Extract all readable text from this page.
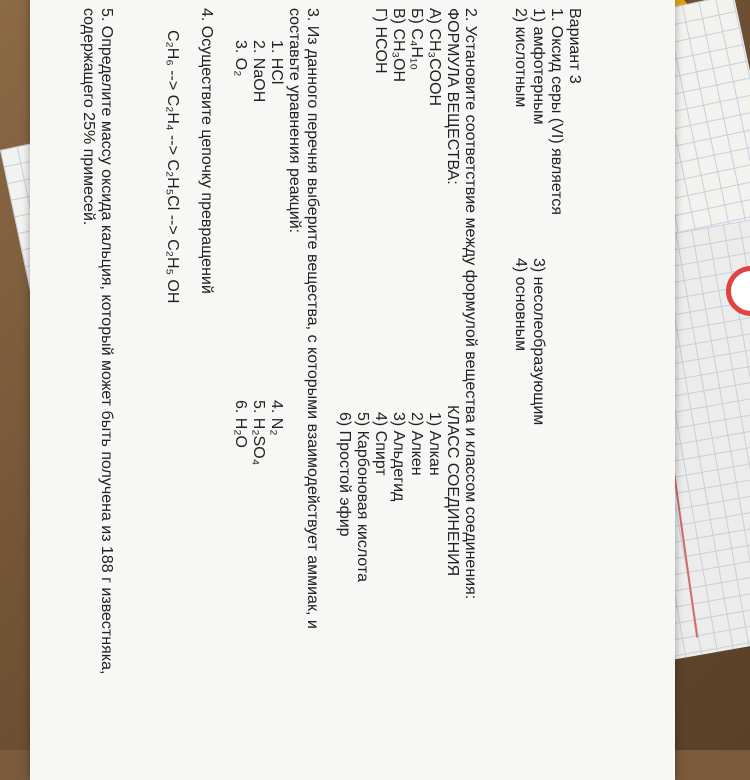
Вариант 3
1. Оксид серы (VI) является
1) амфотерным
3) несолеобразующим
2) кислотным
4) основным
2. Установите соответствие между формулой вещества и классом соединения:
ФОРМУЛА ВЕЩЕСТВА:
КЛАСС СОЕДИНЕНИЯ
А) CH₃COOH
Б) C₄H₁₀
В) CH₃OH
Г) HCOH
1) Алкан
2) Алкен
3) Альдегид
4) Спирт
5) Карбоновая кислота
6) Простой эфир
3. Из данного перечня выберите вещества, с которыми взаимодействует аммиак, и
составьте уравнения реакций:
1. HCl
2. NaOH
3. O₂
4. N₂
5. H₂SO₄
6. H₂O
4. Осуществите цепочку превращений
C₂H₆ --> C₂H₄ --> C₂H₅Cl --> C₂H₅ OH
5. Определите массу оксида кальция, который может быть получена из 188 г известняка,
содержащего 25% примесей.
